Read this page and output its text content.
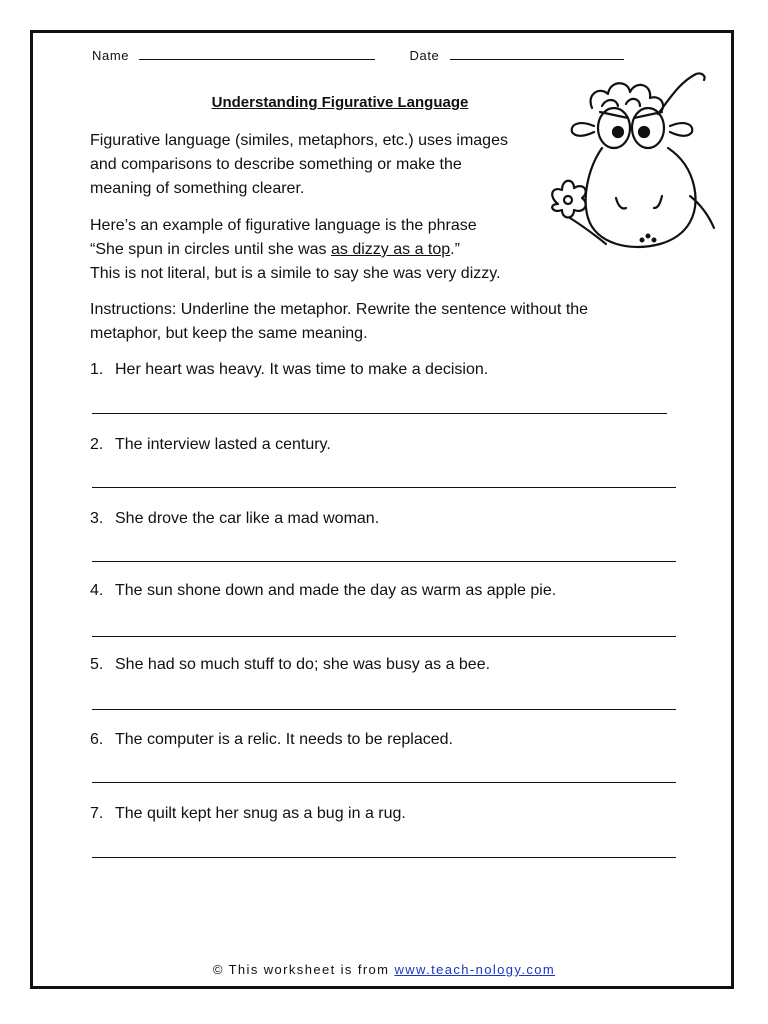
Name	Date
Understanding Figurative Language
Figurative language (similes, metaphors, etc.) uses images
and comparisons to describe something or make the
meaning of something clearer.
Here’s an example of figurative language is the phrase
“She spun in circles until she was as dizzy as a top.”
This is not literal, but is a simile to say she was very dizzy.
Instructions: Underline the metaphor. Rewrite the sentence without the
metaphor, but keep the same meaning.
1. Her heart was heavy. It was time to make a decision.
2. The interview lasted a century.
3. She drove the car like a mad woman.
4. The sun shone down and made the day as warm as apple pie.
5. She had so much stuff to do; she was busy as a bee.
6. The computer is a relic. It needs to be replaced.
7. The quilt kept her snug as a bug in a rug.
© This worksheet is from www.teach-nology.com
